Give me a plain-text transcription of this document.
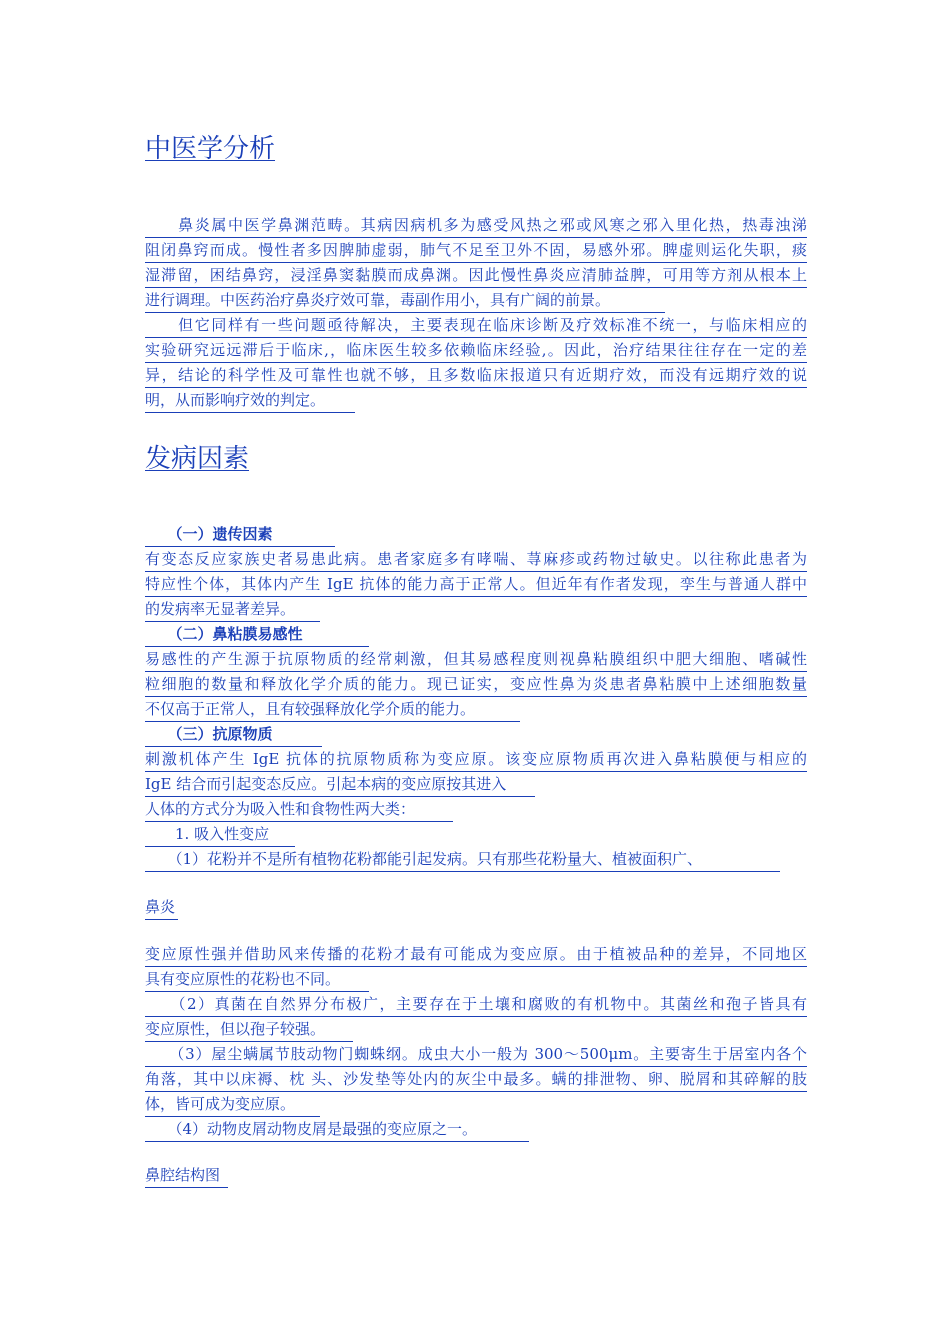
中医学分析
　　鼻炎属中医学鼻渊范畴。其病因病机多为感受风热之邪或风寒之邪入里化热，热毒浊涕
阻闭鼻窍而成。慢性者多因脾肺虚弱，肺气不足至卫外不固，易感外邪。脾虚则运化失职，痰
湿滞留，困结鼻窍，浸淫鼻窦黏膜而成鼻渊。因此慢性鼻炎应清肺益脾，可用等方剂从根本上
进行调理。中医药治疗鼻炎疗效可靠，毒副作用小，具有广阔的前景。
　　但它同样有一些问题亟待解决，主要表现在临床诊断及疗效标准不统一，与临床相应的
实验研究远远滞后于临床,，临床医生较多依赖临床经验,。因此，治疗结果往往存在一定的差
异，结论的科学性及可靠性也就不够，且多数临床报道只有近期疗效，而没有远期疗效的说
明，从而影响疗效的判定。
发病因素
　　（一）遗传因素
有变态反应家族史者易患此病。患者家庭多有哮喘、荨麻疹或药物过敏史。以往称此患者为
特应性个体，其体内产生 IgE 抗体的能力高于正常人。但近年有作者发现，孪生与普通人群中
的发病率无显著差异。
　　（二）鼻粘膜易感性
易感性的产生源于抗原物质的经常刺激，但其易感程度则视鼻粘膜组织中肥大细胞、嗜碱性
粒细胞的数量和释放化学介质的能力。现已证实，变应性鼻为炎患者鼻粘膜中上述细胞数量
不仅高于正常人，且有较强释放化学介质的能力。
　　（三）抗原物质
刺激机体产生 IgE 抗体的抗原物质称为变应原。该变应原物质再次进入鼻粘膜便与相应的
IgE 结合而引起变态反应。引起本病的变应原按其进入
人体的方式分为吸入性和食物性两大类：
　　1. 吸入性变应
　　（1）花粉并不是所有植物花粉都能引起发病。只有那些花粉量大、植被面积广、
鼻炎
变应原性强并借助风来传播的花粉才最有可能成为变应原。由于植被品种的差异，不同地区
具有变应原性的花粉也不同。
　　（2）真菌在自然界分布极广，主要存在于土壤和腐败的有机物中。其菌丝和孢子皆具有
变应原性，但以孢子较强。
　　（3）屋尘螨属节肢动物门蜘蛛纲。成虫大小一般为 300～500μm。主要寄生于居室内各个
角落，其中以床褥、枕 头、沙发垫等处内的灰尘中最多。螨的排泄物、卵、脱屑和其碎解的肢
体，皆可成为变应原。
　　（4）动物皮屑动物皮屑是最强的变应原之一。
鼻腔结构图
